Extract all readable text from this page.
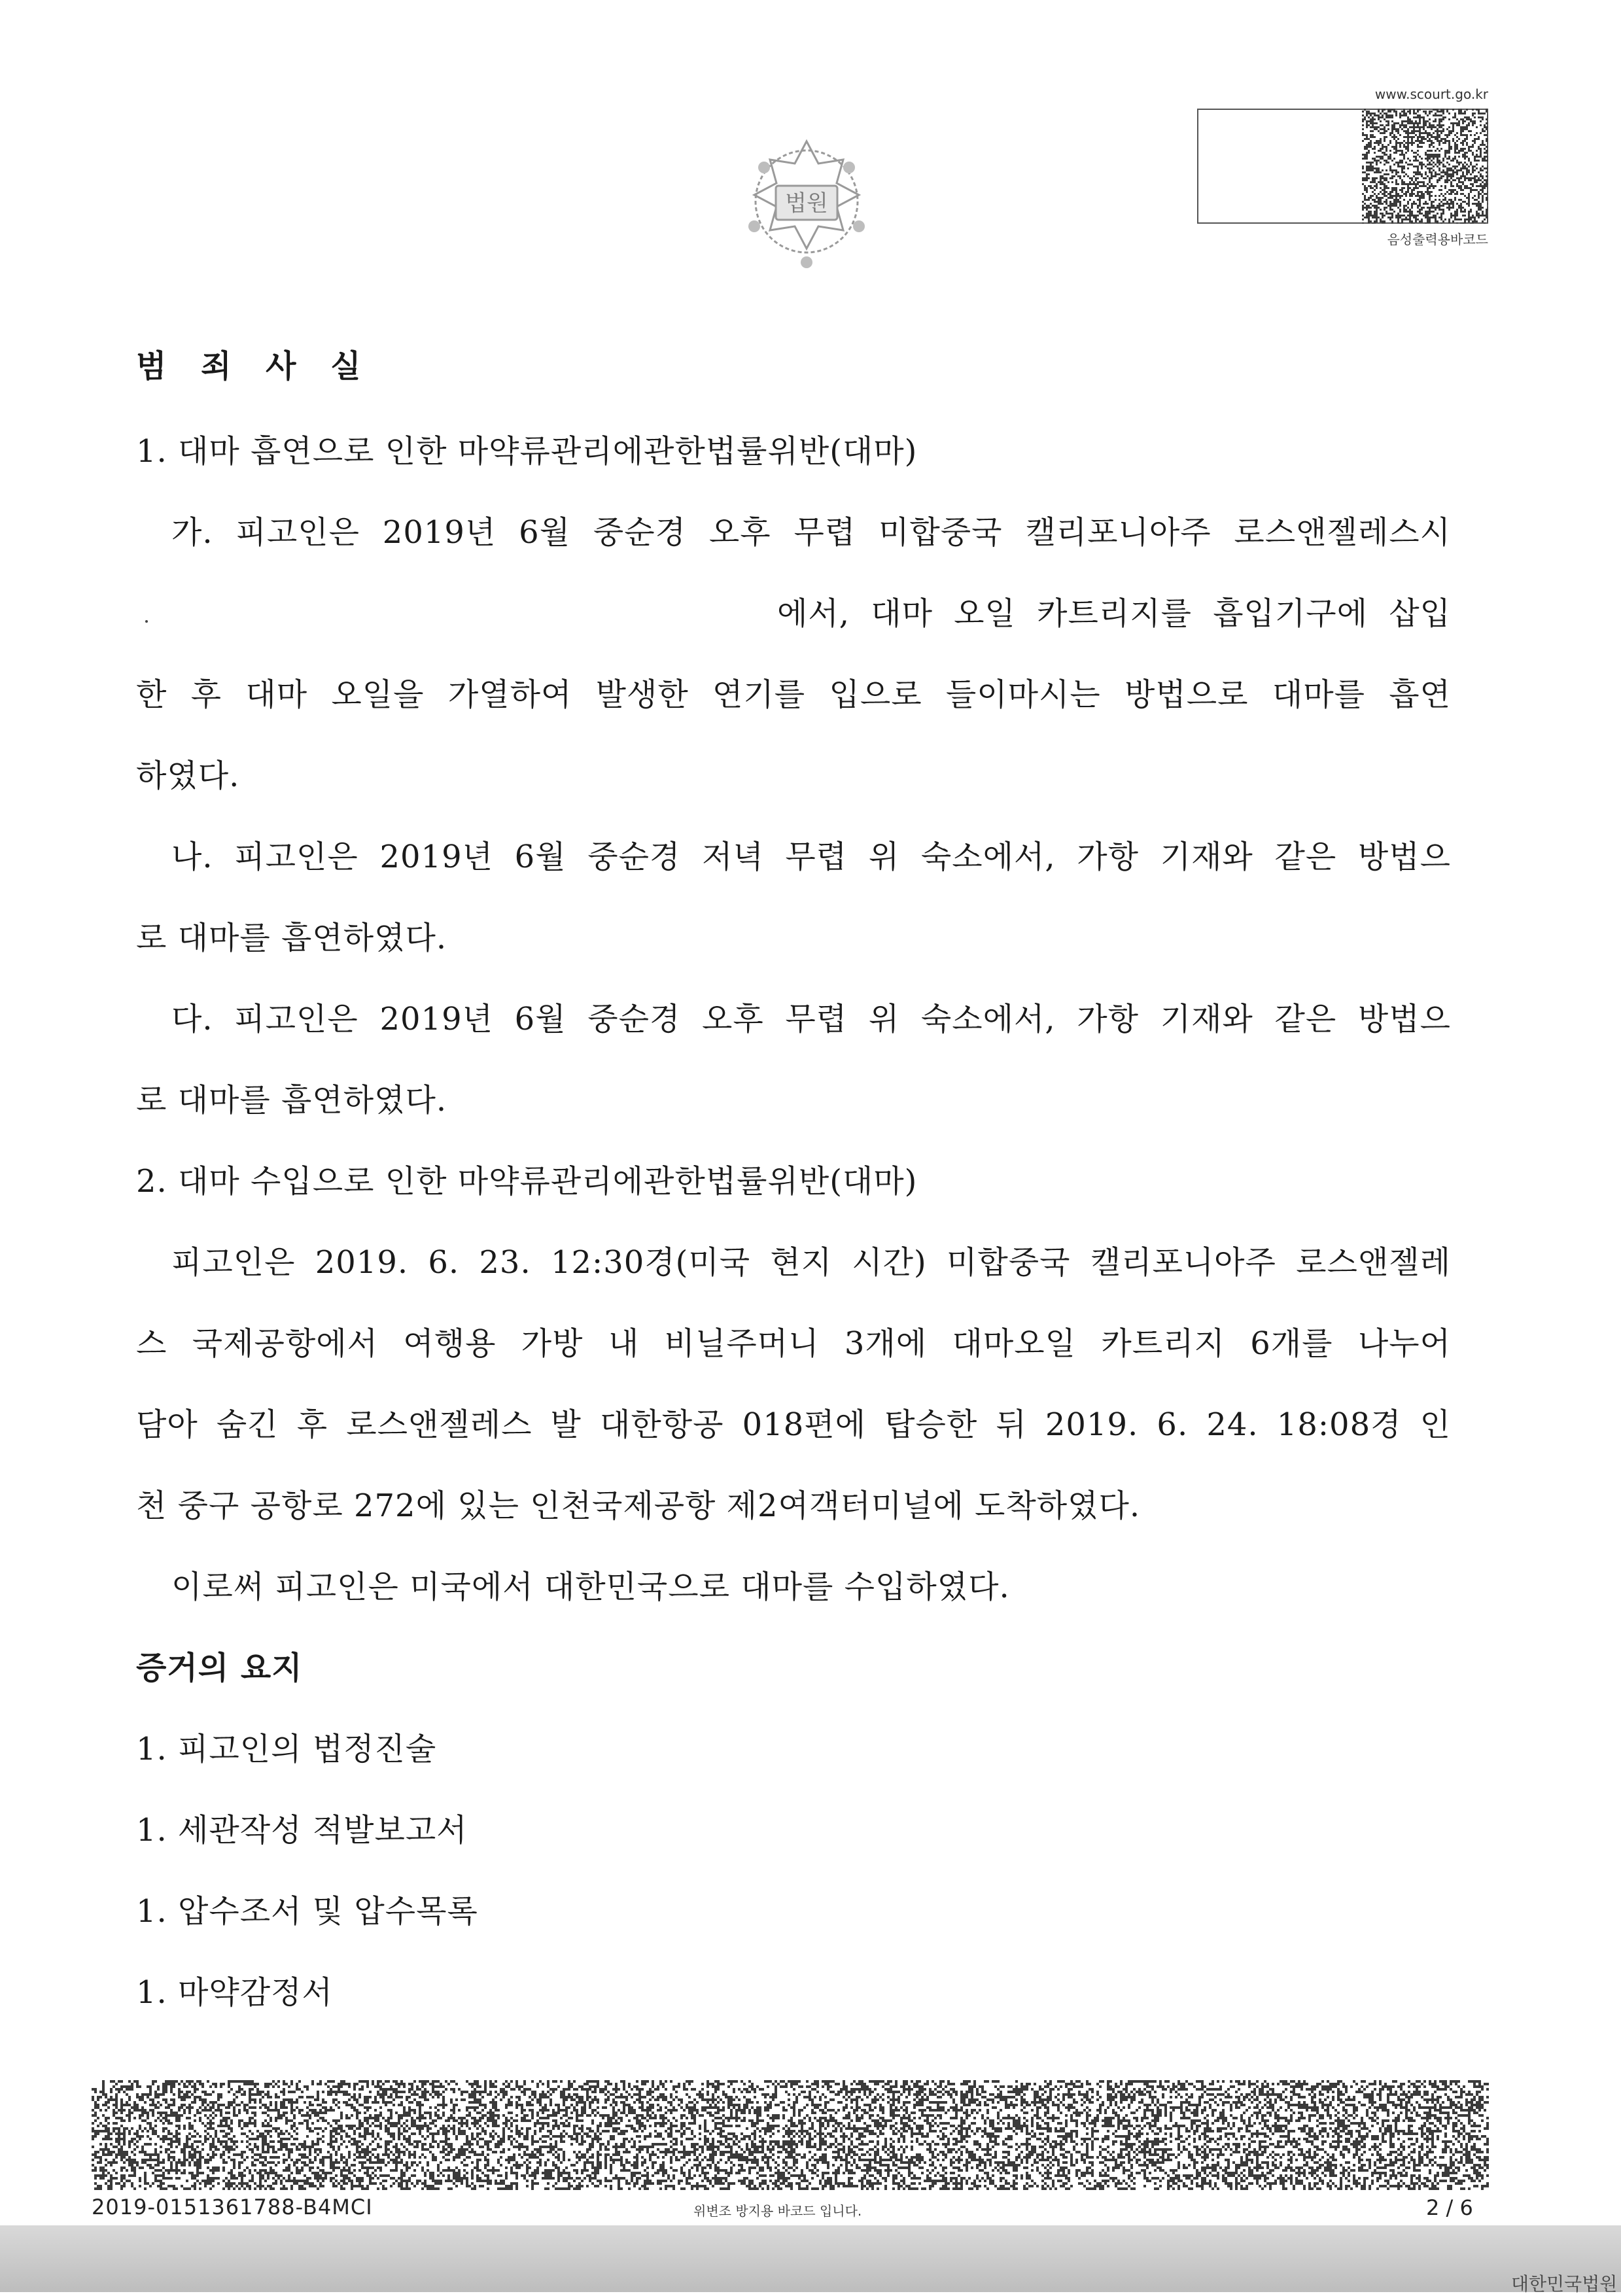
법원
www.scourt.go.kr
음성출력용바코드
범 죄 사 실
1. 대마 흡연으로 인한 마약류관리에관한법률위반(대마)
가. 피고인은 2019년 6월 중순경 오후 무렵 미합중국 캘리포니아주 로스앤젤레스시
에서, 대마 오일 카트리지를 흡입기구에 삽입
한 후 대마 오일을 가열하여 발생한 연기를 입으로 들이마시는 방법으로 대마를 흡연
하였다.
나. 피고인은 2019년 6월 중순경 저녁 무렵 위 숙소에서, 가항 기재와 같은 방법으
로 대마를 흡연하였다.
다. 피고인은 2019년 6월 중순경 오후 무렵 위 숙소에서, 가항 기재와 같은 방법으
로 대마를 흡연하였다.
2. 대마 수입으로 인한 마약류관리에관한법률위반(대마)
피고인은 2019. 6. 23. 12:30경(미국 현지 시간) 미합중국 캘리포니아주 로스앤젤레
스 국제공항에서 여행용 가방 내 비닐주머니 3개에 대마오일 카트리지 6개를 나누어
담아 숨긴 후 로스앤젤레스 발 대한항공 018편에 탑승한 뒤 2019. 6. 24. 18:08경 인
천 중구 공항로 272에 있는 인천국제공항 제2여객터미널에 도착하였다.
이로써 피고인은 미국에서 대한민국으로 대마를 수입하였다.
증거의 요지
1. 피고인의 법정진술
1. 세관작성 적발보고서
1. 압수조서 및 압수목록
1. 마약감정서
2019-0151361788-B4MCI	위변조 방지용 바코드 입니다.	2 / 6
대한민국법원
